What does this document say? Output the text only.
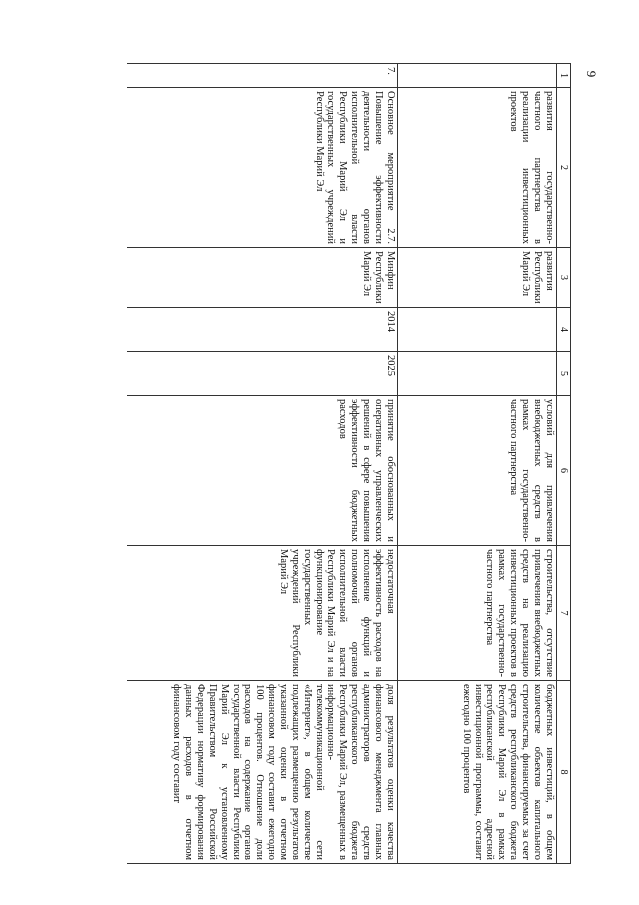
9
1	2	3	4	5	6	7	8
	развития государственно-частного партнерства в реализации инвестиционных проектов	развития Республики Марий Эл			условий для привлечения внебюджетных средств в рамках государственно-частного партнерства	строительства, отсутствие привлечения внебюджетных средств на реализацию инвестиционных проектов в рамках государственно-частного партнерства	бюджетных инвестиций, в общем количестве объектов капитального строительства, финансируемых за счет средств республиканского бюджета Республики Марий Эл в рамках республиканской адресной инвестиционной программы, составит ежегодно 100 процентов
7.	Основное мероприятие 2.7. Повышение эффективности деятельности органов исполнительной власти Республики Марий Эл и государственных учреждений Республики Марий Эл	Минфин Республики Марий Эл	2014	2025	принятие обоснованных и оперативных управленческих решений в сфере повышения эффективности бюджетных расходов	недостаточная эффективность расходов на исполнение функций и полномочий органов исполнительной власти Республики Марий Эл и на функционирование государственных учреждений Республики Марий Эл	доля результатов оценки качества финансового менеджмента главных администраторов средств республиканского бюджета Республики Марий Эл, размещенных в информационно-телекоммуникационной сети «Интернет», в общем количестве подлежащих размещению результатов указанной оценки в отчетном финансовом году составит ежегодно 100 процентов. Отношение доли расходов на содержание органов государственной власти Республики Марий Эл к установленному Правительством Российской Федерации нормативу формирования данных расходов в отчетном финансовом году составит
